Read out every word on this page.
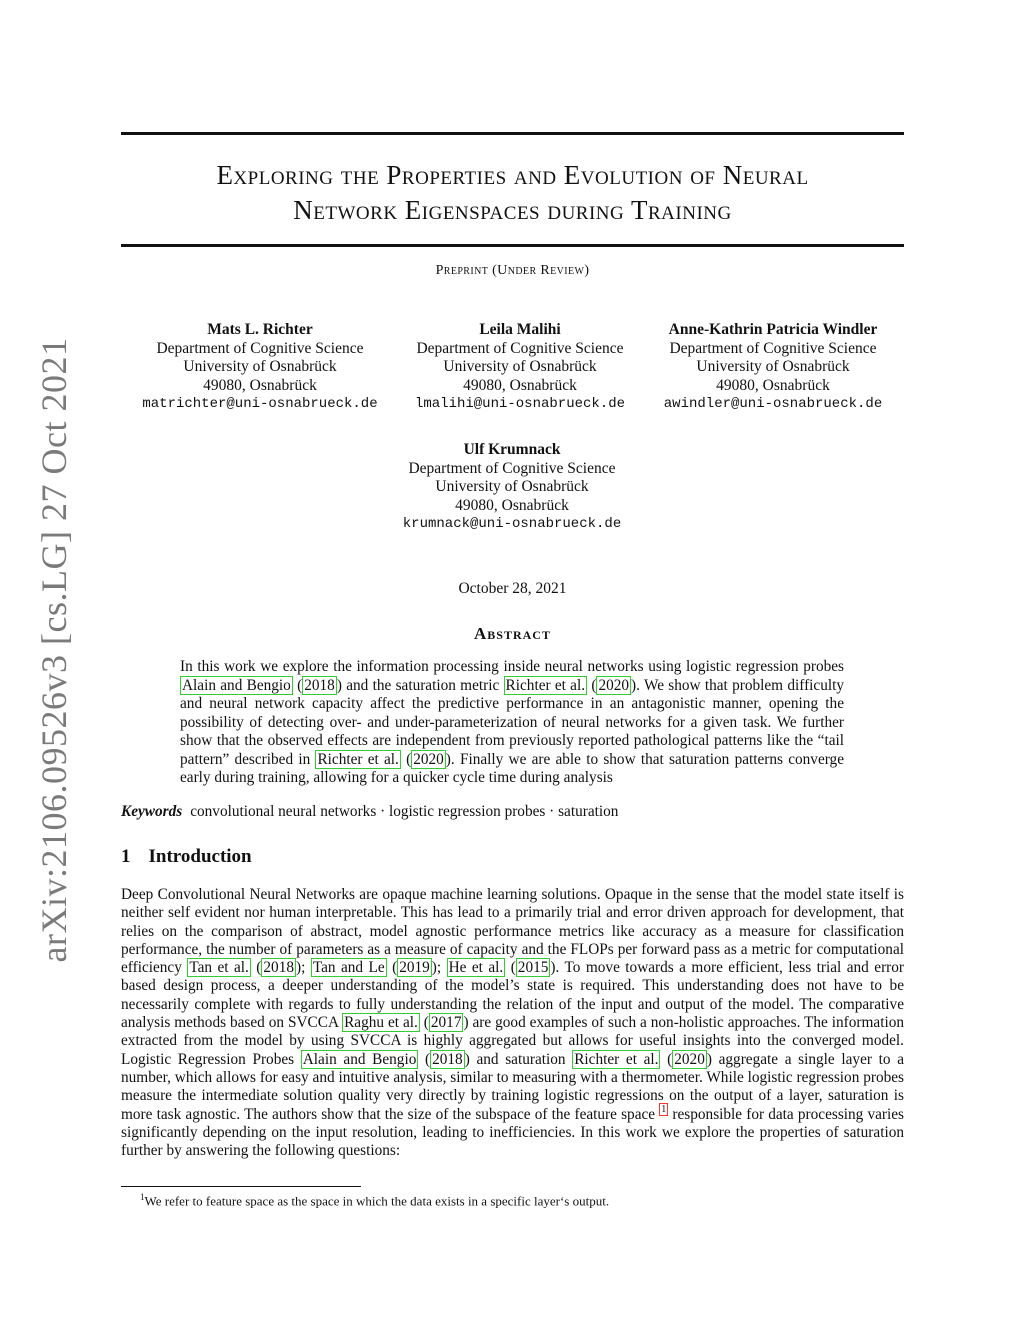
arXiv:2106.09526v3 [cs.LG] 27 Oct 2021
Exploring the Properties and Evolution of Neural
Network Eigenspaces during Training
Preprint (Under Review)
Mats L. Richter
Department of Cognitive Science
University of Osnabrück
49080, Osnabrück
matrichter@uni-osnabrueck.de
Leila Malihi
Department of Cognitive Science
University of Osnabrück
49080, Osnabrück
lmalihi@uni-osnabrueck.de
Anne-Kathrin Patricia Windler
Department of Cognitive Science
University of Osnabrück
49080, Osnabrück
awindler@uni-osnabrueck.de
Ulf Krumnack
Department of Cognitive Science
University of Osnabrück
49080, Osnabrück
krumnack@uni-osnabrueck.de
October 28, 2021
Abstract
In this work we explore the information processing inside neural networks using logistic regression probes Alain and Bengio ( 2018 ) and the saturation metric Richter et al. ( 2020 ). We show that problem difficulty and neural network capacity affect the predictive performance in an antagonistic manner, opening the possibility of detecting over- and under-parameterization of neural networks for a given task. We further show that the observed effects are independent from previously reported pathological patterns like the “tail pattern” described in Richter et al. ( 2020 ). Finally we are able to show that saturation patterns converge early during training, allowing for a quicker cycle time during analysis
Keywords convolutional neural networks · logistic regression probes · saturation
1 Introduction
Deep Convolutional Neural Networks are opaque machine learning solutions. Opaque in the sense that the model state itself is neither self evident nor human interpretable. This has lead to a primarily trial and error driven approach for development, that relies on the comparison of abstract, model agnostic performance metrics like accuracy as a measure for classification performance, the number of parameters as a measure of capacity and the FLOPs per forward pass as a metric for computational efficiency Tan et al. ( 2018 ); Tan and Le ( 2019 ); He et al. ( 2015 ). To move towards a more efficient, less trial and error based design process, a deeper understanding of the model’s state is required. This understanding does not have to be necessarily complete with regards to fully understanding the relation of the input and output of the model. The comparative analysis methods based on SVCCA Raghu et al. ( 2017 ) are good examples of such a non-holistic approaches. The information extracted from the model by using SVCCA is highly aggregated but allows for useful insights into the converged model. Logistic Regression Probes Alain and Bengio ( 2018 ) and saturation Richter et al. ( 2020 ) aggregate a single layer to a number, which allows for easy and intuitive analysis, similar to measuring with a thermometer. While logistic regression probes measure the intermediate solution quality very directly by training logistic regressions on the output of a layer, saturation is more task agnostic. The authors show that the size of the subspace of the feature space $^1$ responsible for data processing varies significantly depending on the input resolution, leading to inefficiencies. In this work we explore the properties of saturation further by answering the following questions:
$^1$We refer to feature space as the space in which the data exists in a specific layer‘s output.
